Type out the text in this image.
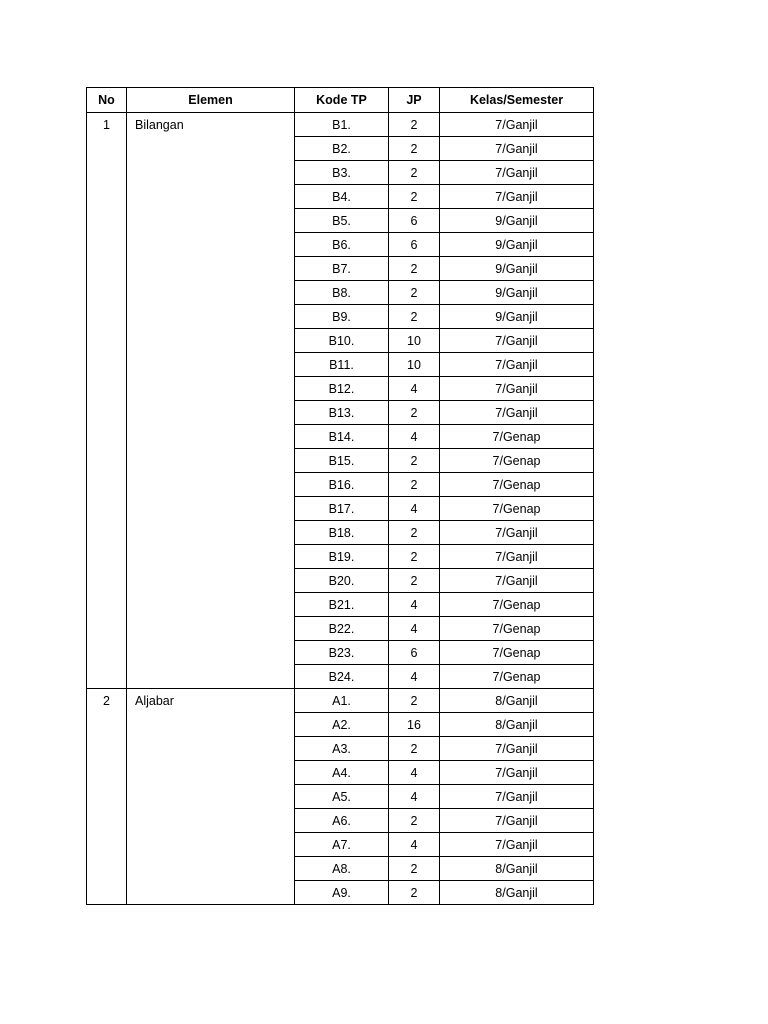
No	Elemen	Kode TP	JP	Kelas/Semester
1	Bilangan	B1.	2	7/Ganjil
		B2.	2	7/Ganjil
		B3.	2	7/Ganjil
		B4.	2	7/Ganjil
		B5.	6	9/Ganjil
		B6.	6	9/Ganjil
		B7.	2	9/Ganjil
		B8.	2	9/Ganjil
		B9.	2	9/Ganjil
		B10.	10	7/Ganjil
		B11.	10	7/Ganjil
		B12.	4	7/Ganjil
		B13.	2	7/Ganjil
		B14.	4	7/Genap
		B15.	2	7/Genap
		B16.	2	7/Genap
		B17.	4	7/Genap
		B18.	2	7/Ganjil
		B19.	2	7/Ganjil
		B20.	2	7/Ganjil
		B21.	4	7/Genap
		B22.	4	7/Genap
		B23.	6	7/Genap
		B24.	4	7/Genap
2	Aljabar	A1.	2	8/Ganjil
		A2.	16	8/Ganjil
		A3.	2	7/Ganjil
		A4.	4	7/Ganjil
		A5.	4	7/Ganjil
		A6.	2	7/Ganjil
		A7.	4	7/Ganjil
		A8.	2	8/Ganjil
		A9.	2	8/Ganjil
